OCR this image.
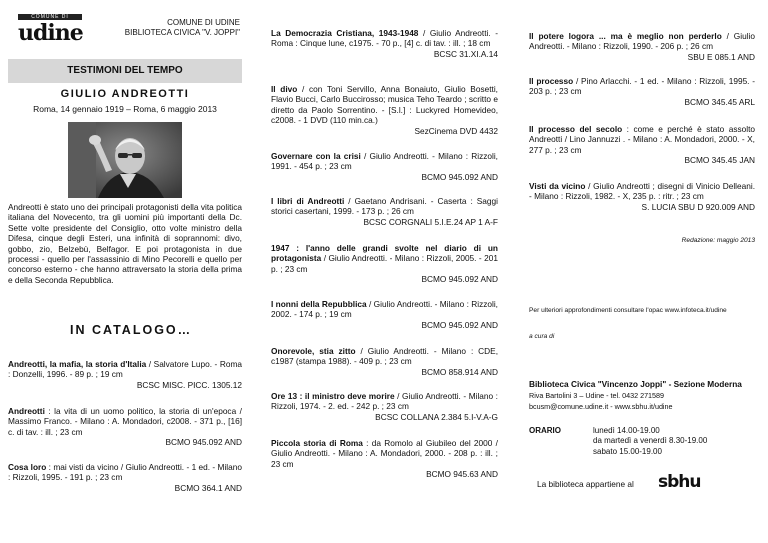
COMUNE DI
udine	COMUNE DI UDINE
BIBLIOTECA CIVICA "V. JOPPI"
TESTIMONI DEL TEMPO
GIULIO ANDREOTTI
Roma, 14 gennaio 1919 – Roma, 6 maggio 2013
Andreotti è stato uno dei principali protagonisti della vita politica italiana del Novecento, tra gli uomini più importanti della Dc. Sette volte presidente del Consiglio, otto volte ministro della Difesa, cinque degli Esteri, una infinità di soprannomi: divo, gobbo, zio, Belzebù, Belfagor. E poi protagonista in due processi - quello per l'assassinio di Mino Pecorelli e quello per concorso esterno - che hanno attraversato la storia della prima e della Seconda Repubblica.
IN CATALOGO…
Andreotti, la mafia, la storia d'Italia / Salvatore Lupo. - Roma : Donzelli, 1996. - 89 p. ; 19 cm
BCSC MISC. PICC. 1305.12
Andreotti : la vita di un uomo politico, la storia di un'epoca / Massimo Franco. - Milano : A. Mondadori, c2008. - 371 p., [16] c. di tav. : ill. ; 23 cm
BCMO 945.092 AND
Cosa loro : mai visti da vicino / Giulio Andreotti. - 1 ed. - Milano : Rizzoli, 1995. - 191 p. ; 23 cm
BCMO 364.1 AND
La Democrazia Cristiana, 1943-1948 / Giulio Andreotti. - Roma : Cinque lune, c1975. - 70 p., [4] c. di tav. : ill. ; 18 cm
BCSC 31.XI.A.14
Il divo / con Toni Servillo, Anna Bonaiuto, Giulio Bosetti, Flavio Bucci, Carlo Buccirosso; musica Teho Teardo ; scritto e diretto da Paolo Sorrentino. - [S.l.] : Luckyred Homevideo, c2008. - 1 DVD (110 min.ca.)
SezCinema DVD 4432
Governare con la crisi / Giulio Andreotti. - Milano : Rizzoli, 1991. - 454 p. ; 23 cm
BCMO 945.092 AND
I libri di Andreotti / Gaetano Andrisani. - Caserta : Saggi storici casertani, 1999. - 173 p. ; 26 cm
BCSC CORGNALI 5.I.E.24 AP 1 A-F
1947 : l'anno delle grandi svolte nel diario di un protagonista / Giulio Andreotti. - Milano : Rizzoli, 2005. - 201 p. ; 23 cm
BCMO 945.092 AND
I nonni della Repubblica / Giulio Andreotti. - Milano : Rizzoli, 2002. - 174 p. ; 19 cm
BCMO 945.092 AND
Onorevole, stia zitto / Giulio Andreotti. - Milano : CDE, c1987 (stampa 1988). - 409 p. ; 23 cm
BCMO 858.914 AND
Ore 13 : il ministro deve morire / Giulio Andreotti. - Milano : Rizzoli, 1974. - 2. ed. - 242 p. ; 23 cm
BCSC COLLANA 2.384 5.I-V.A-G
Piccola storia di Roma : da Romolo al Giubileo del 2000 / Giulio Andreotti. - Milano : A. Mondadori, 2000. - 208 p. : ill. ; 23 cm
BCMO 945.63 AND
Il potere logora ... ma è meglio non perderlo / Giulio Andreotti. - Milano : Rizzoli, 1990. - 206 p. ; 26 cm
SBU E 085.1 AND
Il processo / Pino Arlacchi. - 1 ed. - Milano : Rizzoli, 1995. - 203 p. ; 23 cm
BCMO 345.45 ARL
Il processo del secolo : come e perché è stato assolto Andreotti / Lino Jannuzzi . - Milano : A. Mondadori, 2000. - X, 277 p. ; 23 cm
BCMO 345.45 JAN
Visti da vicino / Giulio Andreotti ; disegni di Vinicio Delleani. - Milano : Rizzoli, 1982. - X, 235 p. : ritr. ; 23 cm
S. LUCIA SBU D 920.009 AND
Redazione: maggio 2013
Per ulteriori approfondimenti consultare l'opac www.infoteca.it/udine
a cura di
Biblioteca Civica "Vincenzo Joppi" - Sezione Moderna
Riva Bartolini 3 – Udine - tel. 0432 271589
bcusm@comune.udine.it - www.sbhu.it/udine
ORARIO	lunedì 14.00-19.00
da martedì a venerdì 8.30-19.00
sabato 15.00-19.00
La biblioteca appartiene al sbhu
